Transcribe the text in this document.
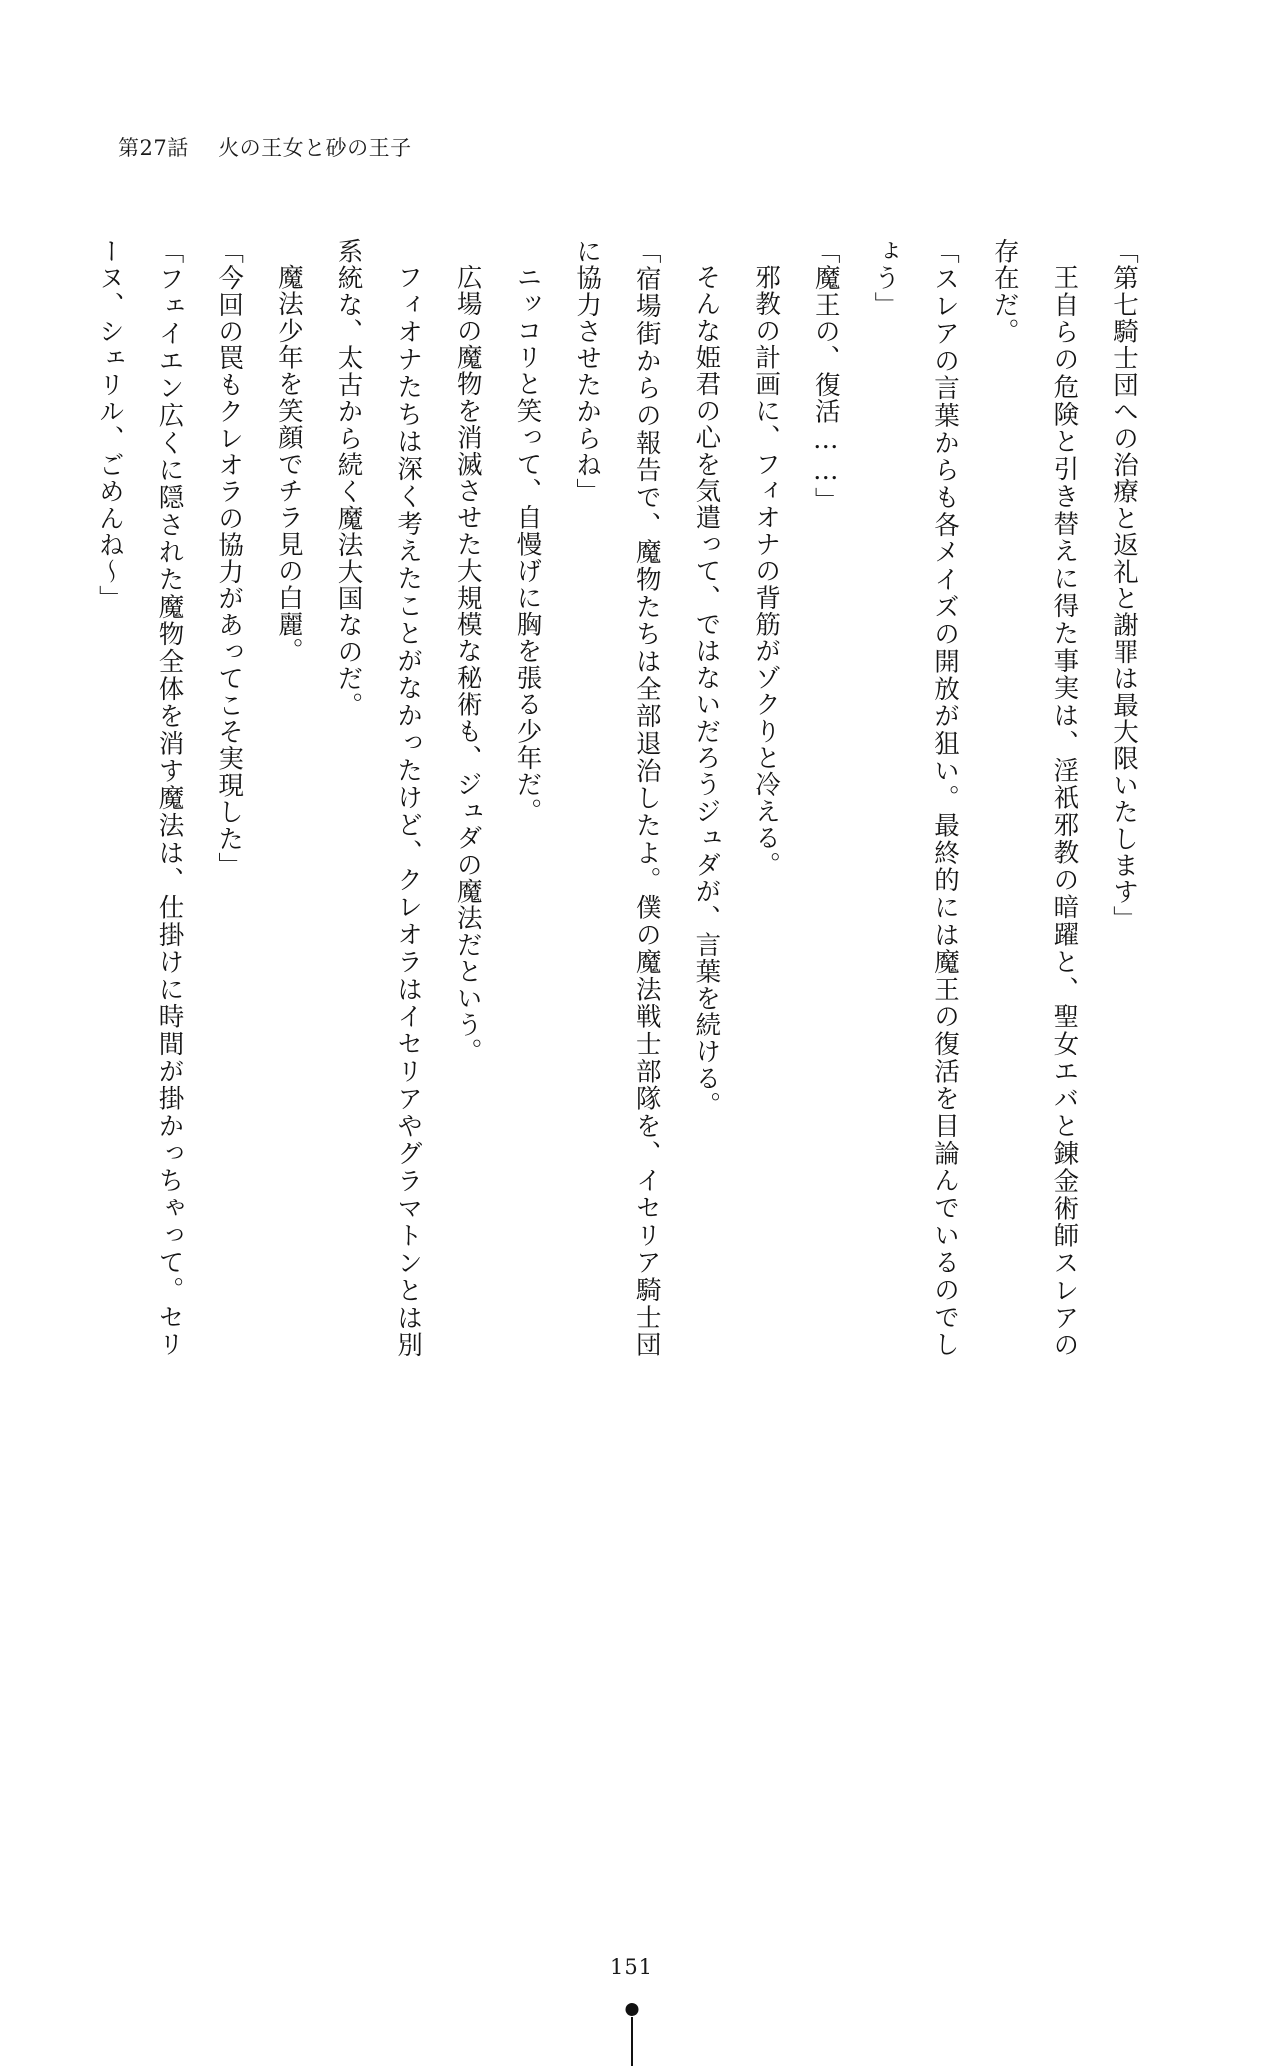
第27話 火の王女と砂の王子

「第七騎士団への治療と返礼と謝罪は最大限いたします」

王自らの危険と引き替えに得た事実は、淫祇邪教の暗躍と、聖女エバと錬金術師スレアの存在だ。

「スレアの言葉からも各メイズの開放が狙い。最終的には魔王の復活を目論んでいるのでしょう」

「魔王の、復活……」

邪教の計画に、フィオナの背筋がゾクりと冷える。

そんな姫君の心を気遣って、ではないだろうジュダが、言葉を続ける。

「宿場街からの報告で、魔物たちは全部退治したよ。僕の魔法戦士部隊を、イセリア騎士団に協力させたからね」

ニッコリと笑って、自慢げに胸を張る少年だ。

広場の魔物を消滅させた大規模な秘術も、ジュダの魔法だという。

フィオナたちは深く考えたことがなかったけど、クレオラはイセリアやグラマトンとは別系統な、太古から続く魔法大国なのだ。

魔法少年を笑顔でチラ見の白麗。

「今回の罠もクレオラの協力があってこそ実現した」

「フェイエン広くに隠された魔物全体を消す魔法は、仕掛けに時間が掛かっちゃって。セリーヌ、シェリル、ごめんね〜」

151
